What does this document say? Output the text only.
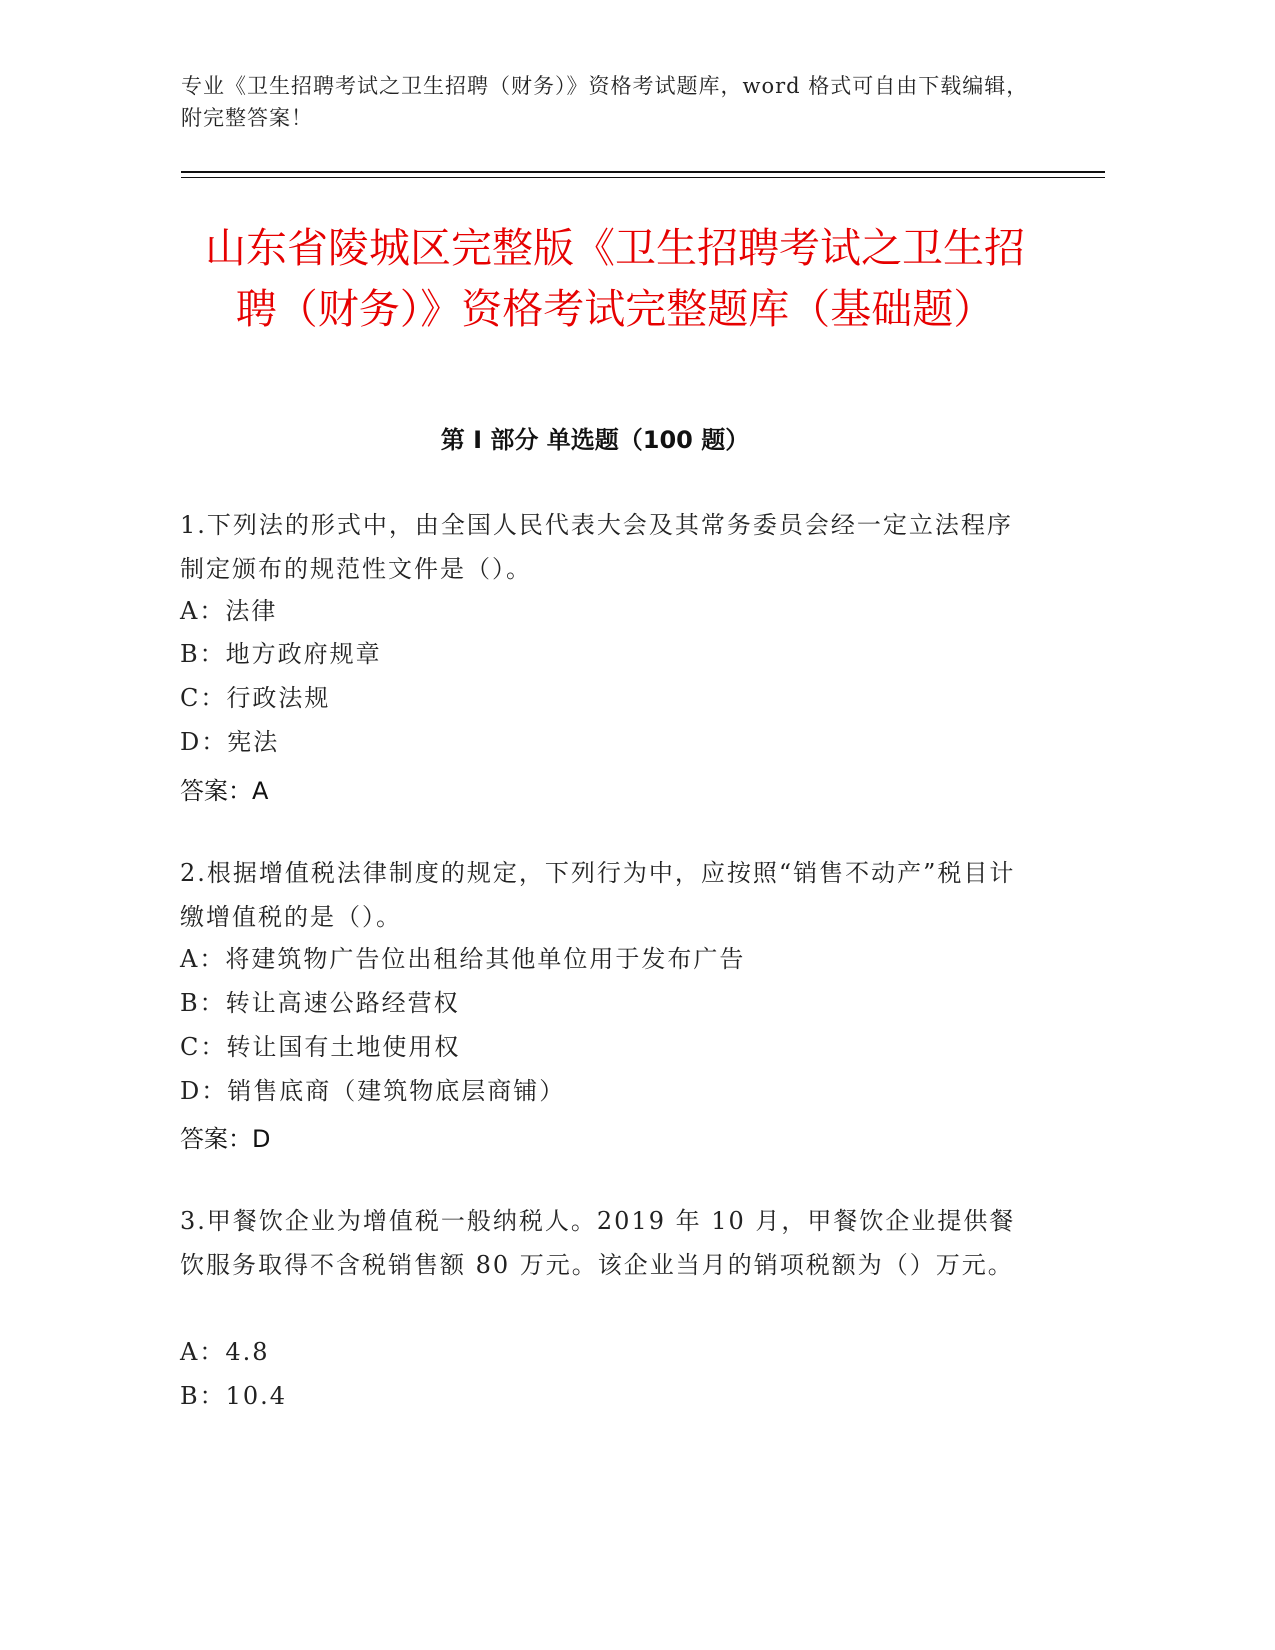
专业《卫生招聘考试之卫生招聘（财务）》资格考试题库，word 格式可自由下载编辑，附完整答案！
山东省陵城区完整版《卫生招聘考试之卫生招聘（财务）》资格考试完整题库（基础题）
第 I 部分 单选题（100 题）
1.下列法的形式中，由全国人民代表大会及其常务委员会经一定立法程序制定颁布的规范性文件是（）。
A：法律
B：地方政府规章
C：行政法规
D：宪法
答案：A
2.根据增值税法律制度的规定，下列行为中，应按照“销售不动产”税目计缴增值税的是（）。
A：将建筑物广告位出租给其他单位用于发布广告
B：转让高速公路经营权
C：转让国有土地使用权
D：销售底商（建筑物底层商铺）
答案：D
3.甲餐饮企业为增值税一般纳税人。2019 年 10 月，甲餐饮企业提供餐饮服务取得不含税销售额 80 万元。该企业当月的销项税额为（）万元。
A：4.8
B：10.4
